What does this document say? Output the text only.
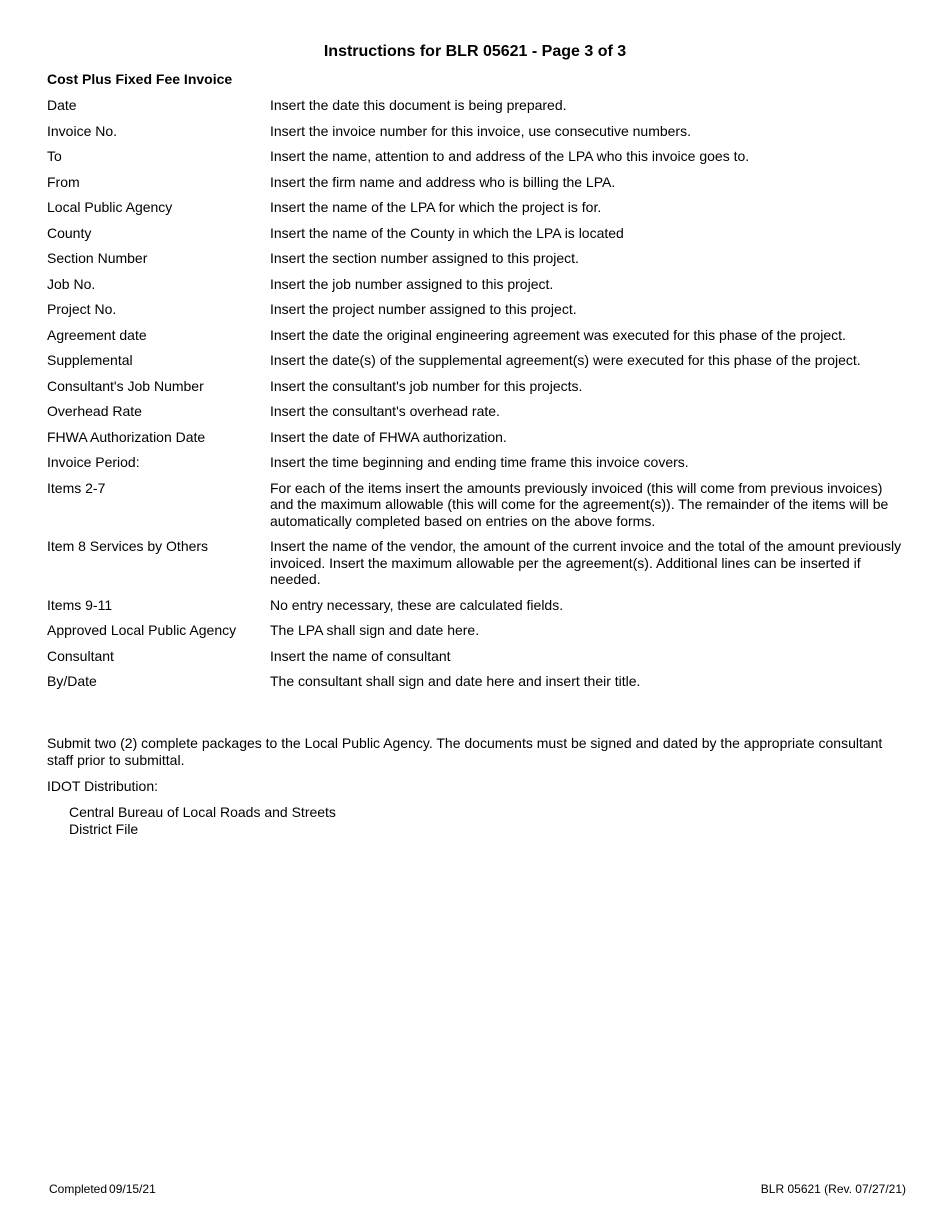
Instructions for BLR 05621 - Page 3 of 3
Cost Plus Fixed Fee Invoice
Date	Insert the date this document is being prepared.
Invoice No.	Insert the invoice number for this invoice, use consecutive numbers.
To	Insert the name, attention to and address of the LPA who this invoice goes to.
From	Insert the firm name and address who is billing the LPA.
Local Public Agency	Insert the name of the LPA for which the project is for.
County	Insert the name of the County in which the LPA is located
Section Number	Insert the section number assigned to this project.
Job No.	Insert the job number assigned to this project.
Project No.	Insert the project number assigned to this project.
Agreement date	Insert the date the original engineering agreement was executed for this phase of the project.
Supplemental	Insert the date(s) of the supplemental agreement(s) were executed for this phase of the project.
Consultant's Job Number	Insert the consultant's job number for this projects.
Overhead Rate	Insert the consultant's overhead rate.
FHWA Authorization Date	Insert the date of FHWA authorization.
Invoice Period:	Insert the time beginning and ending time frame this invoice covers.
Items 2-7	For each of the items insert the amounts previously invoiced (this will come from previous invoices) and the maximum allowable (this will come for the agreement(s)). The remainder of the items will be automatically completed based on entries on the above forms.
Item 8 Services by Others	Insert the name of the vendor, the amount of the current invoice and the total of the amount previously invoiced. Insert the maximum allowable per the agreement(s). Additional lines can be inserted if needed.
Items 9-11	No entry necessary, these are calculated fields.
Approved Local Public Agency	The LPA shall sign and date here.
Consultant	Insert the name of consultant
By/Date	The consultant shall sign and date here and insert their title.
Submit two (2) complete packages to the Local Public Agency. The documents must be signed and dated by the appropriate consultant staff prior to submittal.
IDOT Distribution:
Central Bureau of Local Roads and Streets
District File
Completed 09/15/21	BLR 05621 (Rev. 07/27/21)
